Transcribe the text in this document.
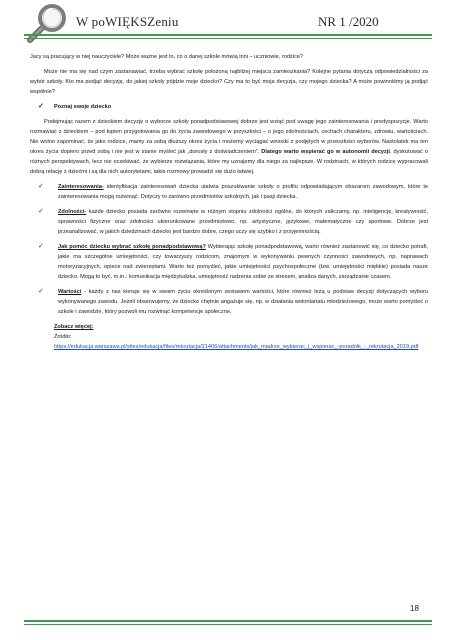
W poWIĘKSZeniu	NR 1 /2020

Jacy są pracujący w niej nauczyciele? Może ważne jest to, co o danej szkole mówią inni – uczniowie, rodzice?

Może nie ma się nad czym zastanawiać, trzeba wybrać szkołę położoną najbliżej miejsca zamieszkania? Kolejne pytania dotyczą odpowiedzialności za wybór szkoły. Kto ma podjąć decyzję, do jakiej szkoły pójdzie moje dziecko? Czy ma to być moja decyzja, czy mojego dziecka? A może powinniśmy ją podjąć wspólnie?

✓ Poznaj swoje dziecko

Podejmując razem z dzieckiem decyzję o wyborze szkoły ponadpodstawowej dobrze jest wziąć pod uwagę jego zainteresowania i predyspozycje. Warto rozmawiać z dzieckiem – pod kątem przygotowania go do życia zawodowego w przyszłości – o jego zdolnościach, cechach charakteru, zdrowiu, wartościach. Nie wolno zapominać, że jako rodzice, mamy za sobą dłuższy okres życia i możemy wyciągać wnioski z podjętych w przeszłości wyborów. Nastolatek ma ten okres życia dopiero przed sobą i nie jest w stanie myśleć jak „dorosły z doświadczeniem”. Dlatego warto wspierać go w autonomii decyzji, dyskutować o różnych perspektywach, lecz nie oczekiwać, że wybierze rozwiązania, które my uznajemy dla niego za najlepsze. W rodzinach, w których rodzice wypracowali dobrą relację z dziećmi i są dla nich autorytetami, takie rozmowy prowadzi się dużo łatwiej.

✓	Zainteresowania- identyfikacja zainteresowań dziecka ułatwia poszukiwanie szkoły o profilu odpowiadającym obszarom zawodowym, które te zainteresowania mogą rozwinąć. Dotyczy to zarówno przedmiotów szkolnych, jak i pasji dziecka.
✓	Zdolności- każde dziecko posiada zarówno rozwinięte w różnym stopniu zdolności ogólne, do których zaliczamy, np. inteligencję, kreatywność, sprawności fizyczne oraz zdolności ukierunkowane przedmiotowo, np. artystyczne, językowe, matematyczne czy sportowe. Dobrze jest przeanalizować, w jakich dziedzinach dziecko jest bardzo dobre, czego uczy się szybko i z przyjemnością.
✓	Jak pomóc dziecku wybrać szkołę ponadpodstawową? Wybierając szkołę ponadpodstawową, warto również zastanowić się, co dziecko potrafi, jakie ma szczególne umiejętności, czy towarzyszy rodzicom, znajomym w wykonywaniu pewnych czynności zawodowych, np. naprawach motoryzacyjnych, opiece nad zwierzętami. Warto też pomyśleć, jakie umiejętności psychospołeczne (tzw. umiejętności miękkie) posiada nasze dziecko. Mogą to być, m.in.: komunikacja międzyludzka, umiejętność radzenia sobie ze stresem, analiza danych, zarządzanie czasem.
✓	Wartości - każdy z nas kieruje się w swoim życiu określonym zestawem wartości, które również leżą u podstaw decyzji dotyczących wyboru wykonywanego zawodu. Jeżeli obserwujemy, że dziecko chętnie angażuje się, np. w działania wolontariatu młodzieżowego, może warto pomyśleć o szkole i zawodzie, który pozwoli mu rozwinąć kompetencje społeczne.
Zobacz więcej:
Źródło:
https://edukacja.warszawa.pl/sites/edukacja/files/rekrutacja/21406/attachments/jak_madrze_wybierac_i_wspierac_-poradnik_-_rekrutacja_2019.pdf
18
